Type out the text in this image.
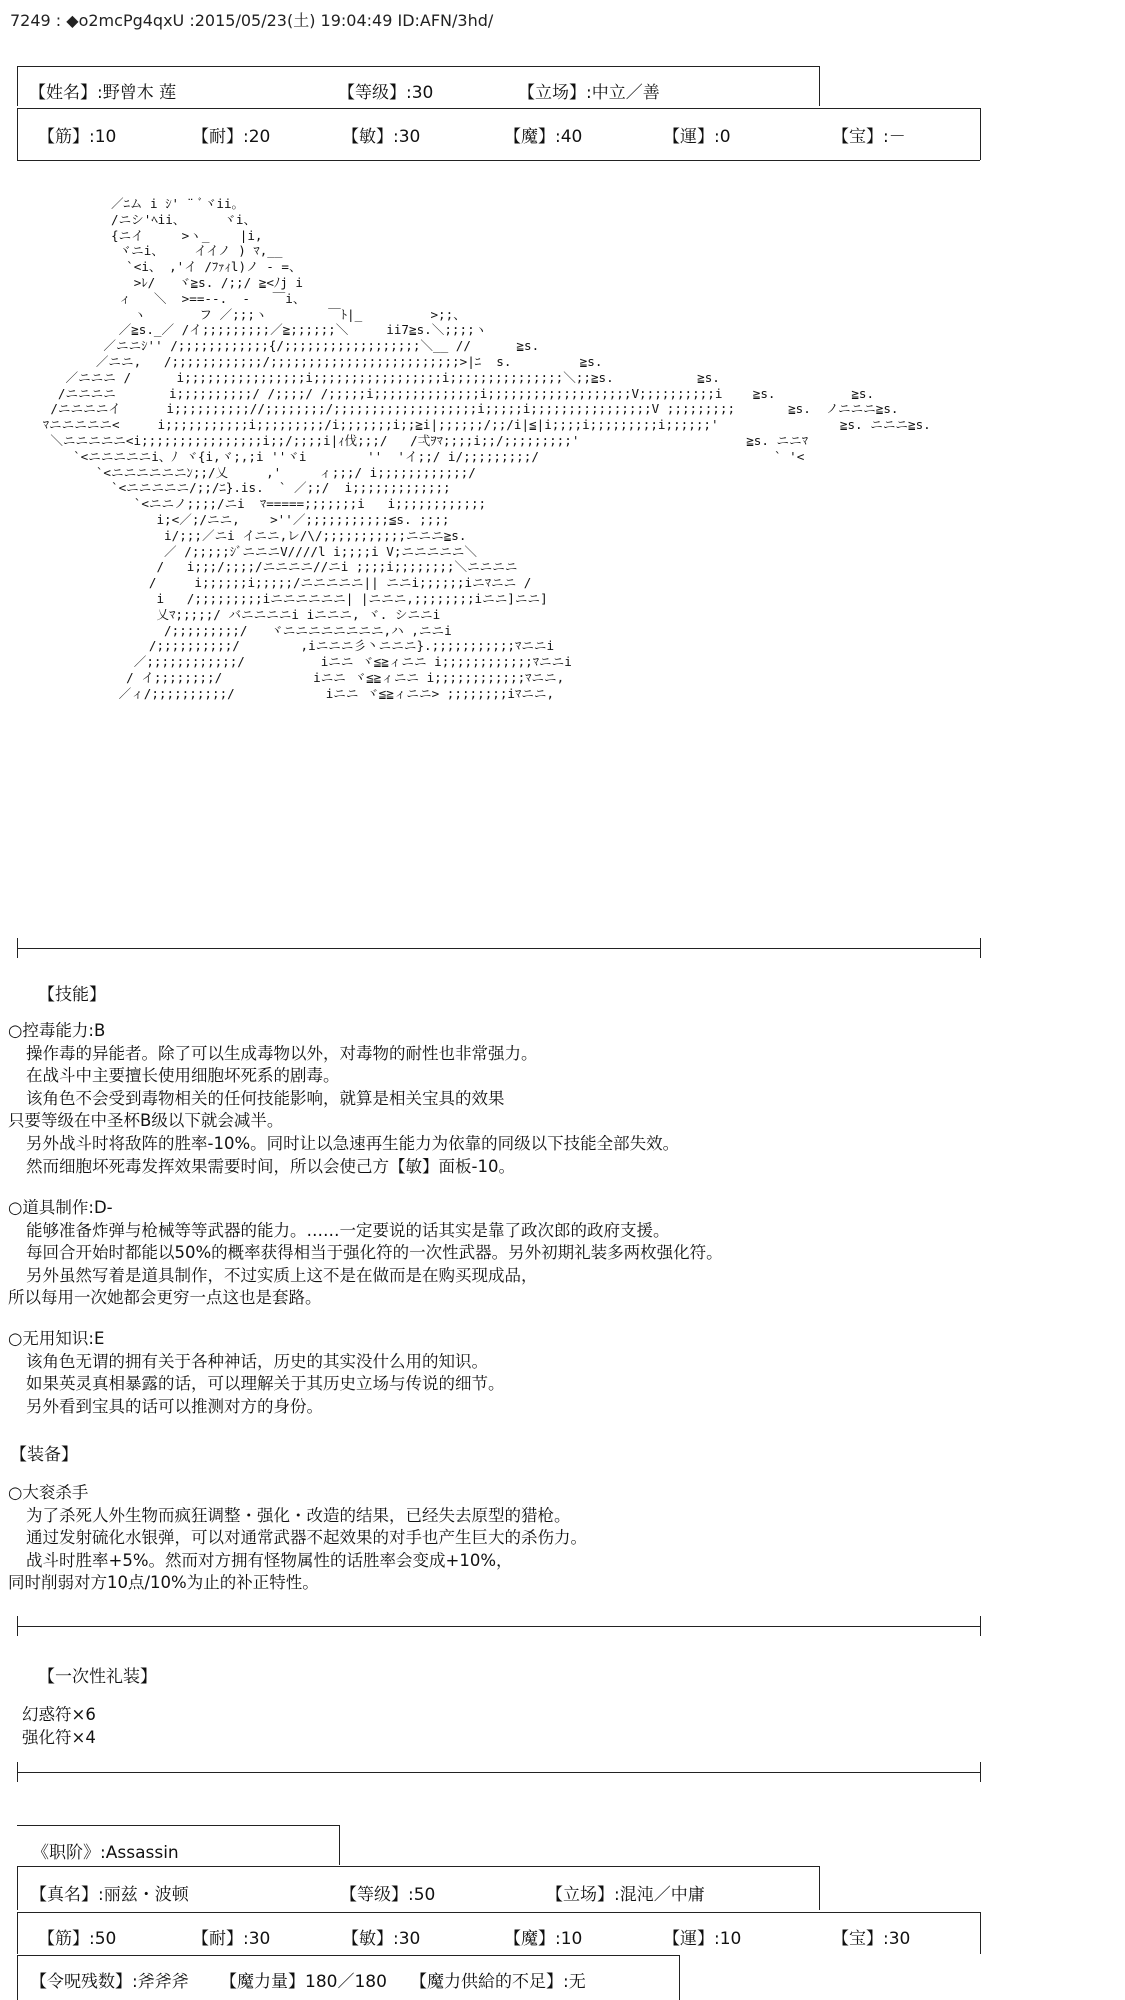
7249 : ◆o2mcPg4qxU :2015/05/23(土) 19:04:49 ID:AFN/3hd/
【姓名】:野曾木 莲	【等级】:30	【立场】:中立／善
【筋】:10	【耐】:20	【敏】:30	【魔】:40	【運】:0	【宝】:－
／ﾆム i ｼ' ¨ ﾞヾii。
/ニシ'ﾍii、     ヾi、
{ニイ     >ヽ_    |i,
ヾニi、    イイノ ) ﾏ,__
`<i、 ,'イ /ﾌｧｨl)ノ ‐ =、
>ﾚ/   ヾ≧s. /;;/ ≧<ﾉj i
ィ   ＼  >==‐‐.  -   ￣i、
ヽ       フ ／;;;ヽ        ￣ﾄ|_         >;;、
／≧s._／ /イ;;;;;;;;;／≧;;;;;;＼     ii7≧s.＼;;;;ヽ
／ニニｼ'' /;;;;;;;;;;;;{/;;;;;;;;;;;;;;;;;;＼__ //      ≧s.
／ニニ,   /;;;;;;;;;;;;/;;;;;;;;;;;;;;;;;;;;;;;;;>|ﾆ  s.         ≧s.
／ニニニ /      i;;;;;;;;;;;;;;;;i;;;;;;;;;;;;;;;;;i;;;;;;;;;;;;;;;＼;;≧s.           ≧s.
/ニニニニ       i;;;;;;;;;;/ /;;;;/ /;;;;;i;;;;;;;;;;;;;;i;;;;;;;;;;;;;;;;;;;V;;;;;;;;;;i    ≧s.          ≧s.
/ニニニニイ      i;;;;;;;;;;//;;;;;;;;/;;;;;;;;;;;;;;;;;;;i;;;;;i;;;;;;;;;;;;;;;;V ;;;;;;;;;       ≧s.  ノニニニ≧s.
ﾏニニニニニ<     i;;;;;;;;;;;i;;;;;;;;;/i;;;;;;;i;;≧i|;;;;;;/;;/i|≦|i;;;;i;;;;;;;;;i;;;;;;'                ≧s. ニニニ≧s.
＼ニニニニニ<i;;;;;;;;;;;;;;;;i;;/;;;;i|ｨ伐;;;/   /弌ｦﾏ;;;;i;;/;;;;;;;;;'                      ≧s. ニニﾏ
`<ニニニニニi、ﾉ ヾ{i,ヾ;,;i ''ヾi        ''  'イ;;/ i/;;;;;;;;;/                               ` '<
`<ニニニニニニﾝ;;/乂     ,'     ィ;;;/ i;;;;;;;;;;;;/
`<ニニニニニ/;;/ﾆ}.is.  ` ／;;/  i;;;;;;;;;;;;;
`<ニニノ;;;;/ニi  ﾏ=====;;;;;;;i   i;;;;;;;;;;;;
i;<／;/ニニ,    >''／;;;;;;;;;;;≦s. ;;;;
i/;;;／ニi イニニ,レ/\/;;;;;;;;;;;ニニニ≧s.
／ /;;;;;ｼﾞニニニV////l i;;;;i V;ニニニニニ＼
/   i;;;/;;;;/ニニニニ//ニi ;;;;i;;;;;;;;＼ニニニニ
/     i;;;;;;i;;;;;/ニニニニニ|| ニニi;;;;;;iニﾏニニ /
i   /;;;;;;;;;iニニニニニニ| |ニニニ,;;;;;;;;iニニ]ニニ]
乂ﾏ;;;;;/ バニニニニi iニニニ, ヾ. シニニi
/;;;;;;;;;/   ヾニニニニニニニニ,ハ ,ニニi
/;;;;;;;;;;/        ,iニニニ彡丶ニニニ}.;;;;;;;;;;;ﾏニニi
／;;;;;;;;;;;;/          iニニ ヾ≦≧ィニニ i;;;;;;;;;;;;ﾏニニi
/ イ;;;;;;;;/            iニニ ヾ≦≧ィニニ i;;;;;;;;;;;;ﾏニニ,
／ィ/;;;;;;;;;;/            iニニ ヾ≦≧ィニニ> ;;;;;;;;iﾏニニ,
【技能】
○控毒能力:B
操作毒的异能者。除了可以生成毒物以外，对毒物的耐性也非常强力。
在战斗中主要擅长使用细胞坏死系的剧毒。
该角色不会受到毒物相关的任何技能影响，就算是相关宝具的效果
只要等级在中圣杯B级以下就会减半。
另外战斗时将敌阵的胜率-10%。同时让以急速再生能力为依靠的同级以下技能全部失效。
然而细胞坏死毒发挥效果需要时间，所以会使己方【敏】面板-10。
○道具制作:D-
能够准备炸弹与枪械等等武器的能力。……一定要说的话其实是靠了政次郎的政府支援。
每回合开始时都能以50%的概率获得相当于强化符的一次性武器。另外初期礼装多两枚强化符。
另外虽然写着是道具制作，不过实质上这不是在做而是在购买现成品，
所以每用一次她都会更穷一点这也是套路。
○无用知识:E
该角色无谓的拥有关于各种神话，历史的其实没什么用的知识。
如果英灵真相暴露的话，可以理解关于其历史立场与传说的细节。
另外看到宝具的话可以推测对方的身份。
【装备】
○大衮杀手
为了杀死人外生物而疯狂调整・强化・改造的结果，已经失去原型的猎枪。
通过发射硫化水银弹，可以对通常武器不起效果的对手也产生巨大的杀伤力。
战斗时胜率+5%。然而对方拥有怪物属性的话胜率会变成+10%，
同时削弱对方10点/10%为止的补正特性。
【一次性礼装】
幻惑符×6
强化符×4
《职阶》:Assassin
【真名】:丽兹・波顿	【等级】:50	【立场】:混沌／中庸
【筋】:50	【耐】:30	【敏】:30	【魔】:10	【運】:10	【宝】:30
【令呪残数】:斧斧斧 【魔力量】180／180 【魔力供給的不足】:无
